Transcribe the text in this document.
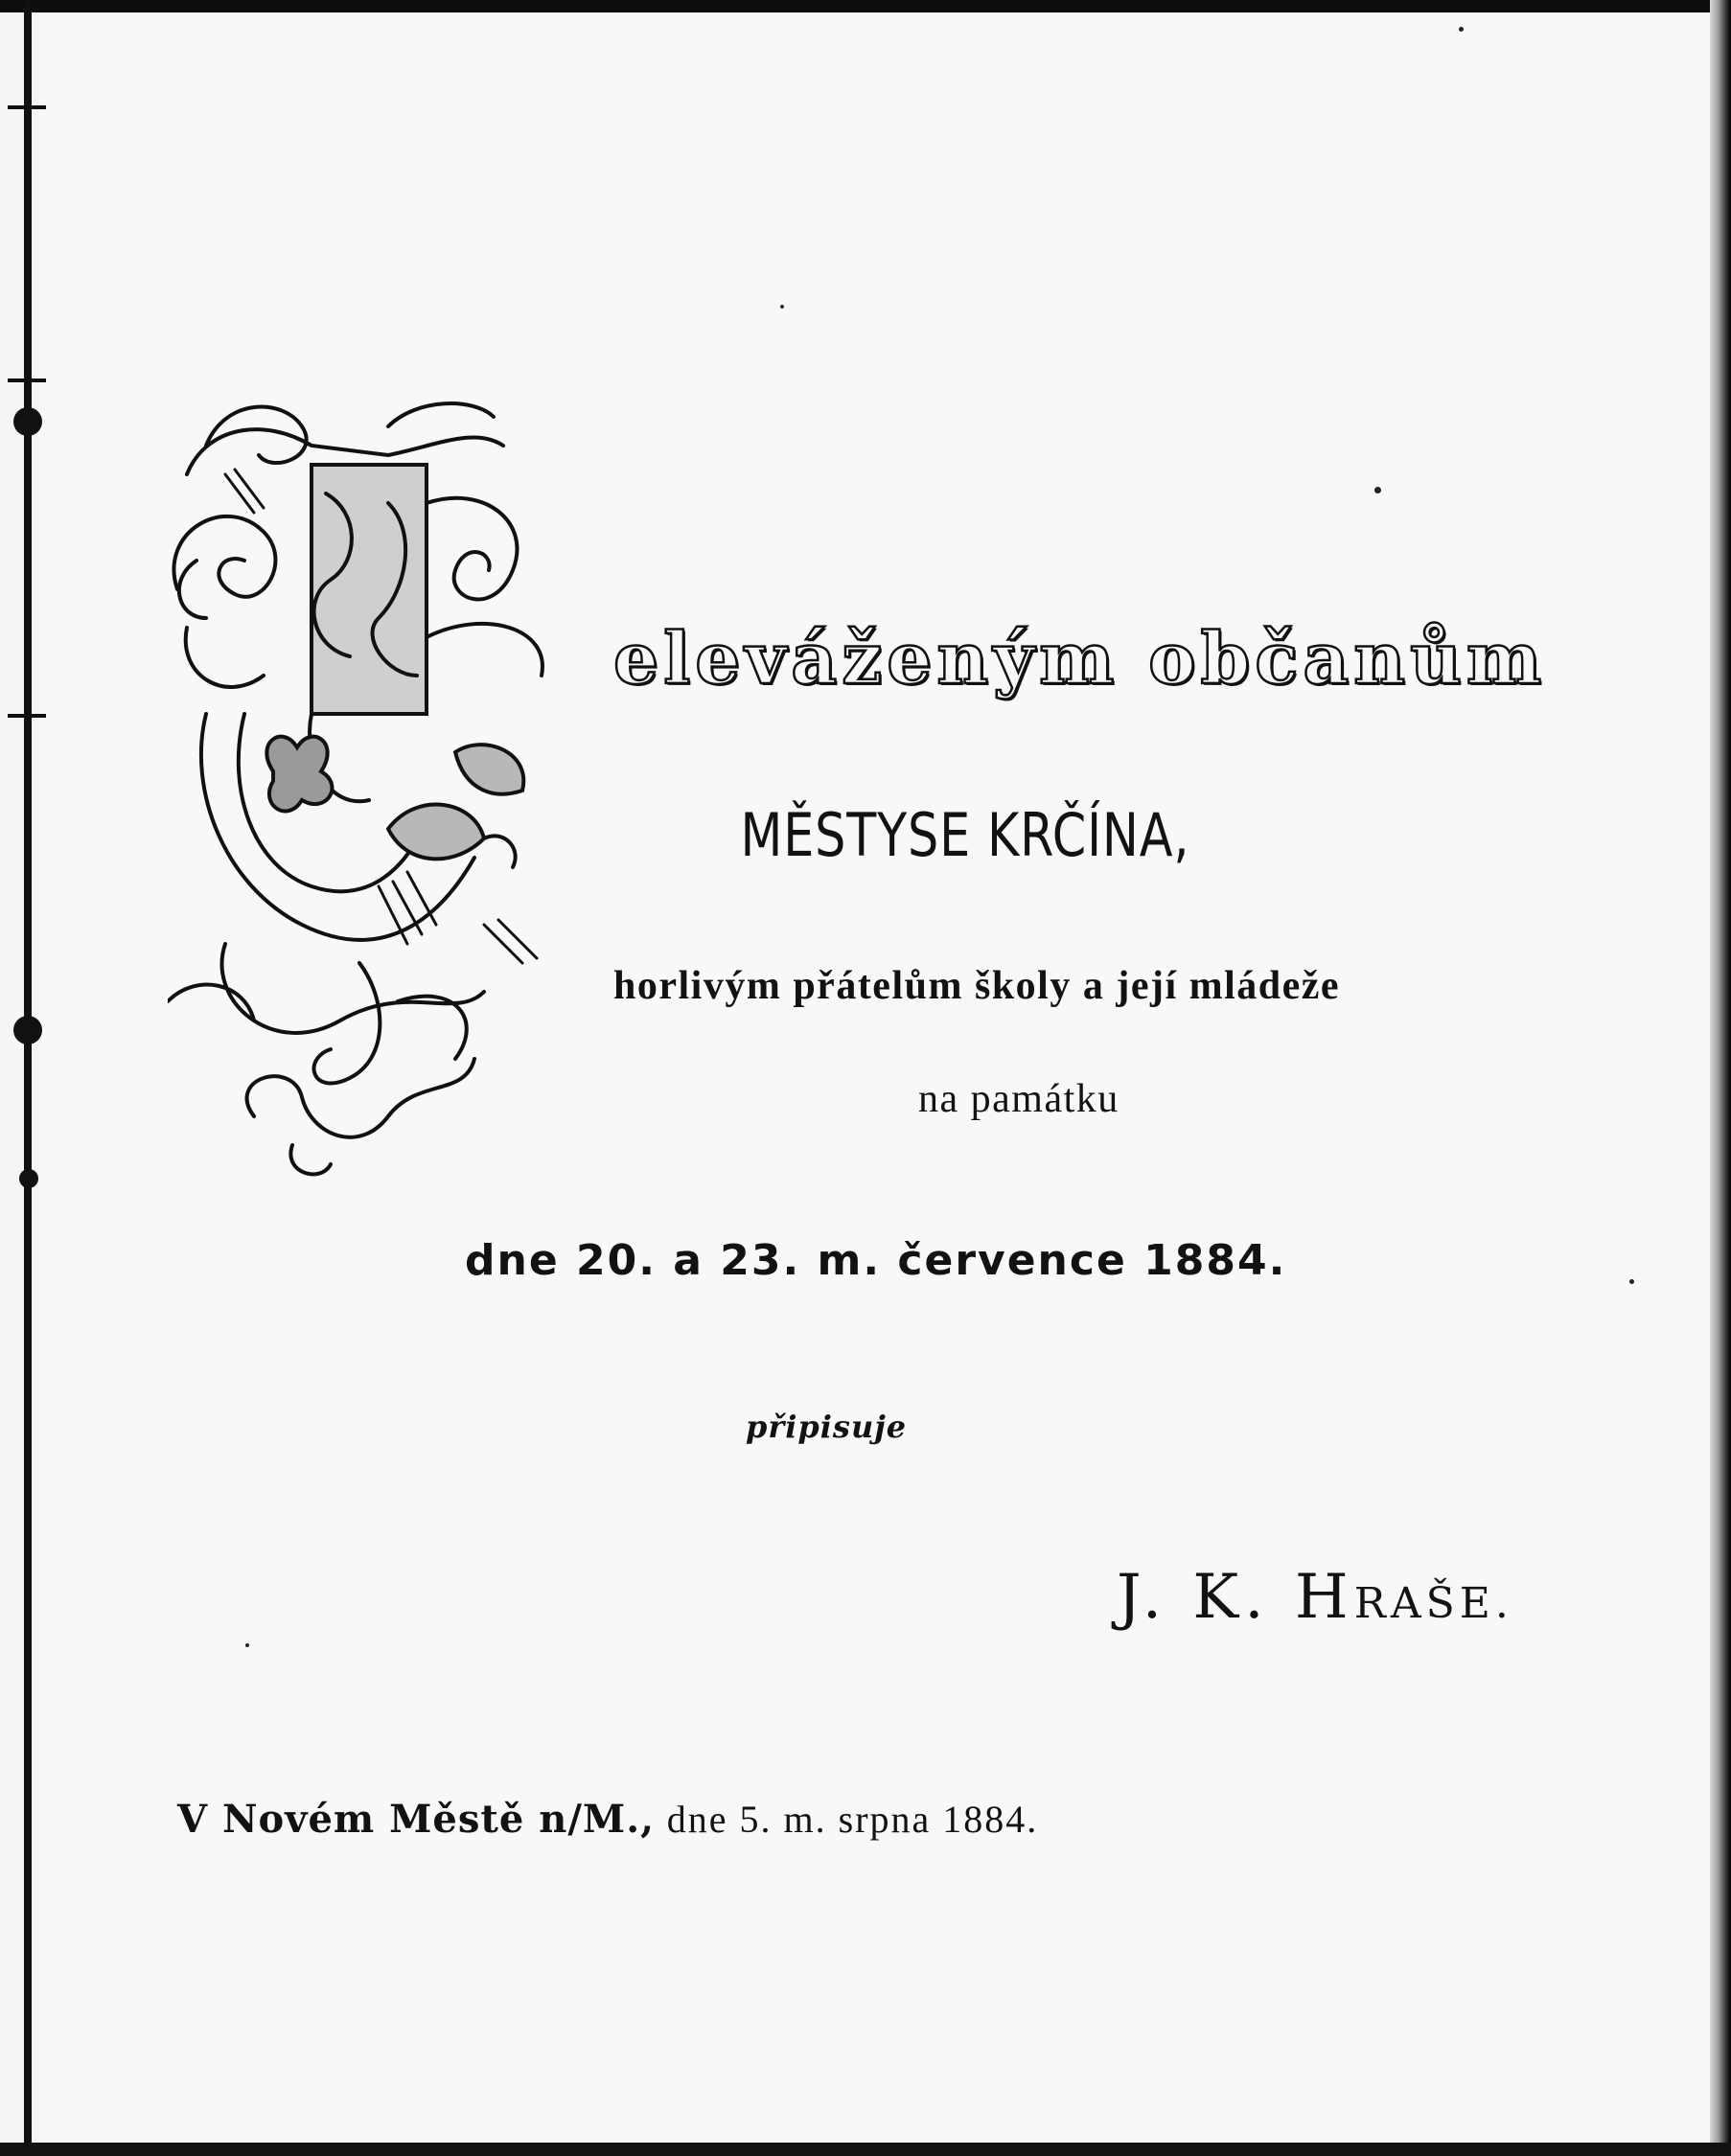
eleváženým občanům
MĚSTYSE KRČÍNA,
horlivým přátelům školy a její mládeže
na památku
dne 20. a 23. m. července 1884.
připisuje
J. K. HRAŠE.
V Novém Městě n/M., dne 5. m. srpna 1884.
